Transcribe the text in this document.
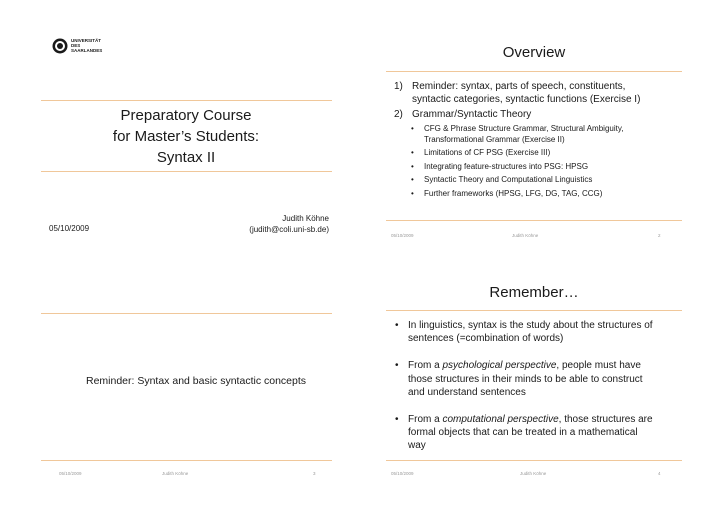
UNIVERSITÄT
DES
SAARLANDES
Preparatory Course
for Master’s Students:
Syntax II
Judith Köhne
(judith@coli.uni-sb.de)
05/10/2009
Overview
1) Reminder: syntax, parts of speech, constituents,
syntactic categories, syntactic functions (Exercise I)
2) Grammar/Syntactic Theory
• CFG & Phrase Structure Grammar, Structural Ambiguity,
Transformational Grammar (Exercise II)
• Limitations of CF PSG (Exercise III)
• Integrating feature-structures into PSG: HPSG
• Syntactic Theory and Computational Linguistics
• Further frameworks (HPSG, LFG, DG, TAG, CCG)
05/10/2009	Judith Köhne	2
Reminder: Syntax and basic syntactic concepts
05/10/2009	Judith Köhne	3
Remember…
• In linguistics, syntax is the study about the structures of
sentences (=combination of words)
• From a psychological perspective, people must have
those structures in their minds to be able to construct
and understand sentences
• From a computational perspective, those structures are
formal objects that can be treated in a mathematical
way
05/10/2009	Judith Köhne	4
